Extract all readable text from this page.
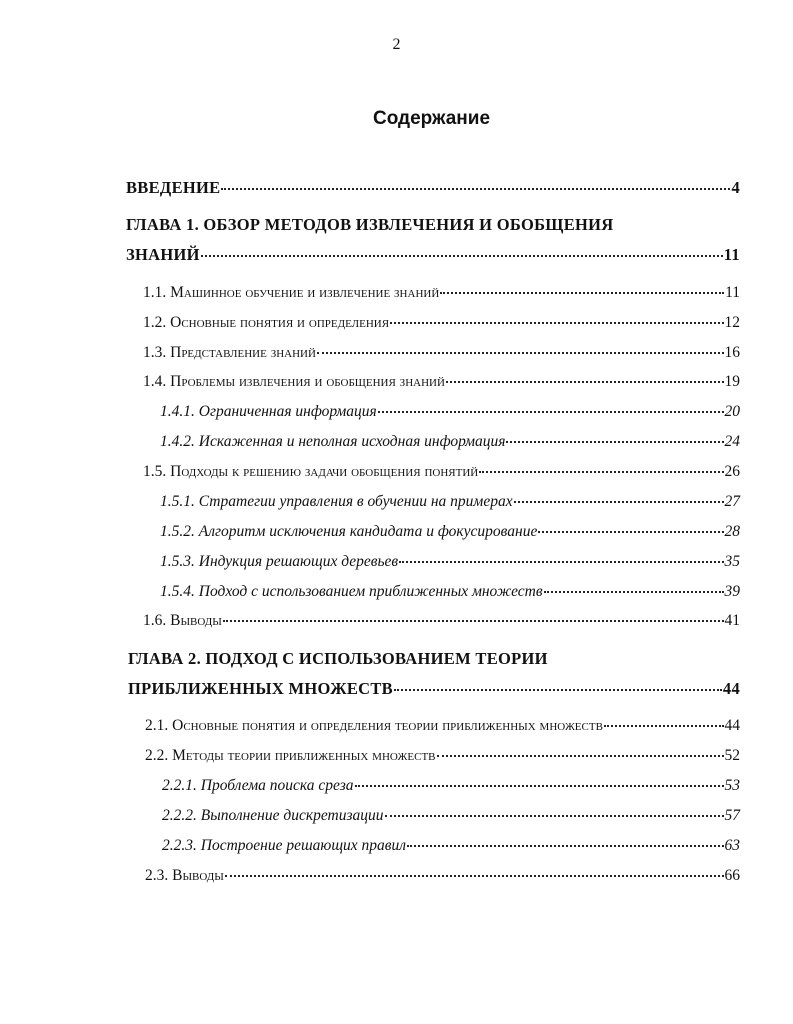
2
Содержание
ВВЕДЕНИЕ	4
ГЛАВА 1. ОБЗОР МЕТОДОВ ИЗВЛЕЧЕНИЯ И ОБОБЩЕНИЯ
ЗНАНИЙ	11
1.1. Машинное обучение и извлечение знаний	11
1.2. Основные понятия и определения	12
1.3. Представление знаний	16
1.4. Проблемы извлечения и обобщения знаний	19
1.4.1. Ограниченная информация	20
1.4.2. Искаженная и неполная исходная информация	24
1.5. Подходы к решению задачи обобщения понятий	26
1.5.1. Стратегии управления в обучении на примерах	27
1.5.2. Алгоритм исключения кандидата и фокусирование	28
1.5.3. Индукция решающих деревьев	35
1.5.4. Подход с использованием приближенных множеств	39
1.6. Выводы	41
ГЛАВА 2. ПОДХОД С ИСПОЛЬЗОВАНИЕМ ТЕОРИИ
ПРИБЛИЖЕННЫХ МНОЖЕСТВ	44
2.1. Основные понятия и определения теории приближенных множеств	44
2.2. Методы теории приближенных множеств	52
2.2.1. Проблема поиска среза	53
2.2.2. Выполнение дискретизации	57
2.2.3. Построение решающих правил	63
2.3. Выводы	66
